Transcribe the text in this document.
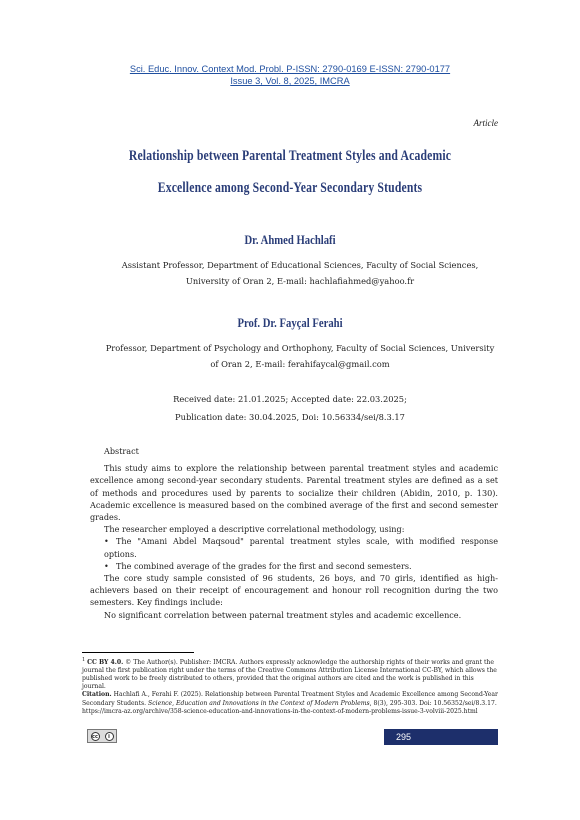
Sci. Educ. Innov. Context Mod. Probl. P-ISSN: 2790-0169 E-ISSN: 2790-0177
Issue 3, Vol. 8, 2025, IMCRA
Article
Relationship between Parental Treatment Styles and Academic
Excellence among Second-Year Secondary Students
Dr. Ahmed Hachlafi
Assistant Professor, Department of Educational Sciences, Faculty of Social Sciences, University of Oran 2, E-mail: hachlafiahmed@yahoo.fr
Prof. Dr. Fayçal Ferahi
Professor, Department of Psychology and Orthophony, Faculty of Social Sciences, University of Oran 2, E-mail: ferahifaycal@gmail.com
Received date: 21.01.2025; Accepted date: 22.03.2025;
Publication date: 30.04.2025, Doi: 10.56334/sei/8.3.17

Abstract

This study aims to explore the relationship between parental treatment styles and academic excellence among second-year secondary students. Parental treatment styles are defined as a set of methods and procedures used by parents to socialize their children (Abidin, 2010, p. 130). Academic excellence is measured based on the combined average of the first and second semester grades.

The researcher employed a descriptive correlational methodology, using:

• The "Amani Abdel Maqsoud" parental treatment styles scale, with modified response options.

• The combined average of the grades for the first and second semesters.

The core study sample consisted of 96 students, 26 boys, and 70 girls, identified as high-achievers based on their receipt of encouragement and honour roll recognition during the two semesters. Key findings include:

No significant correlation between paternal treatment styles and academic excellence.

$^1$ CC BY 4.0. © The Author(s). Publisher: IMCRA. Authors expressly acknowledge the authorship rights of their works and grant the journal the first publication right under the terms of the Creative Commons Attribution License International CC-BY, which allows the published work to be freely distributed to others, provided that the original authors are cited and the work is published in this journal.

Citation. Hachlafi A., Ferahi F. (2025). Relationship between Parental Treatment Styles and Academic Excellence among Second-Year Secondary Students. Science, Education and Innovations in the Context of Modern Problems, 8(3), 295-303. Doi: 10.56352/sei/8.3.17. https://imcra-az.org/archive/358-science-education-and-innovations-in-the-context-of-modern-problems-issue-3-volviii-2025.html

cc	i	295
